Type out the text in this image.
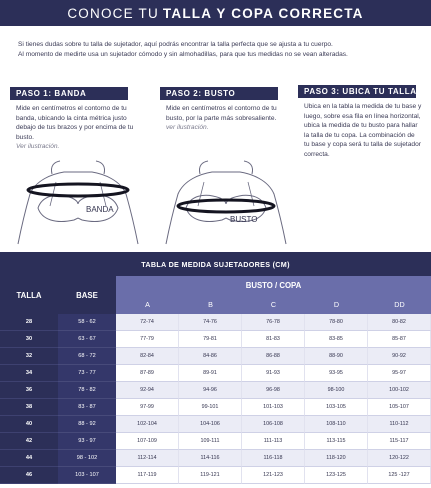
CONOCE TU TALLA Y COPA CORRECTA
Si tienes dudas sobre tu talla de sujetador, aquí podrás encontrar la talla perfecta que se ajusta a tu cuerpo.
Al momento de medirte usa un sujetador cómodo y sin almohadillas, para que tus medidas no se vean alteradas.
PASO 1: BANDA
Mide en centímetros el contorno de tu banda, ubicando la cinta métrica justo debajo de tus brazos y por encima de tu busto.
Ver ilustración.
BANDA
PASO 2: BUSTO
Mide en centímetros el contorno de tu busto, por la parte más sobresaliente.
ver ilustración.
BUSTO
PASO 3: UBICA TU TALLA
Ubica en la tabla la medida de tu base y luego, sobre esa fila en línea horizontal, ubica la medida de tu busto para hallar la talla de tu copa. La combinación de tu base y copa será tu talla de sujetador correcta.
TABLA DE MEDIDA SUJETADORES (CM)
TALLA	BASE
BUSTO / COPA
A	B	C	D	DD
28	58 - 62	72-74	74-76	76-78	78-80	80-82
30	63 - 67	77-79	79-81	81-83	83-85	85-87
32	68 - 72	82-84	84-86	86-88	88-90	90-92
34	73 - 77	87-89	89-91	91-93	93-95	95-97
36	78 - 82	92-94	94-96	96-98	98-100	100-102
38	83 - 87	97-99	99-101	101-103	103-105	105-107
40	88 - 92	102-104	104-106	106-108	108-110	110-112
42	93 - 97	107-109	109-111	111-113	113-115	115-117
44	98 - 102	112-114	114-116	116-118	118-120	120-122
46	103 - 107	117-119	119-121	121-123	123-125	125 -127
